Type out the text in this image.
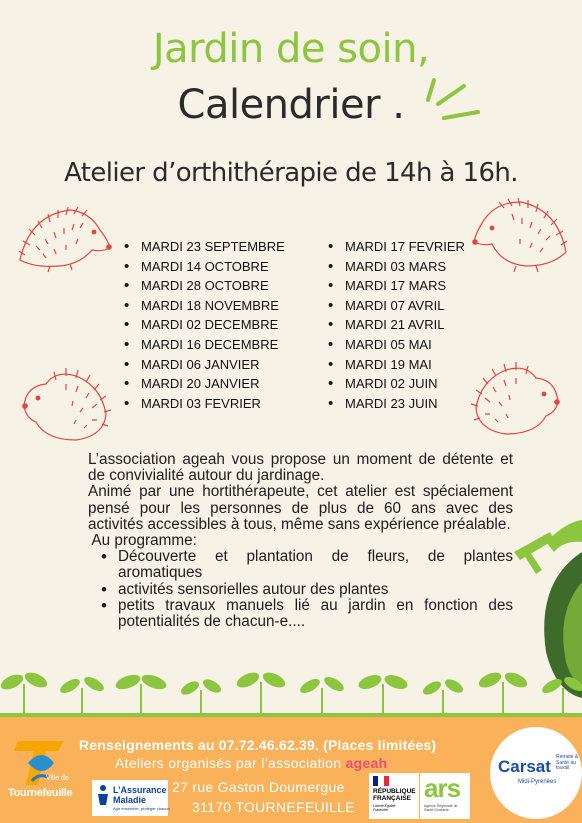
Jardin de soin,
Calendrier .
Atelier d’orthithérapie de 14h à 16h.
• MARDI 23 SEPTEMBRE
• MARDI 14 OCTOBRE
• MARDI 28 OCTOBRE
• MARDI 18 NOVEMBRE
• MARDI 02 DECEMBRE
• MARDI 16 DECEMBRE
• MARDI 06 JANVIER
• MARDI 20 JANVIER
• MARDI 03 FEVRIER
• MARDI 17 FEVRIER
• MARDI 03 MARS
• MARDI 17 MARS
• MARDI 07 AVRIL
• MARDI 21 AVRIL
• MARDI 05 MAI
• MARDI 19 MAI
• MARDI 02 JUIN
• MARDI 23 JUIN

L’association ageah vous propose un moment de détente et de convivialité autour du jardinage.

Animé par une hortithérapeute, cet atelier est spécialement pensé pour les personnes de plus de 60 ans avec des activités accessibles à tous, même sans expérience préalable.

Au programme:

• Découverte et plantation de fleurs, de plantes aromatiques
• activités sensorielles autour des plantes
• petits travaux manuels lié au jardin en fonction des potentialités de chacun-e....
Renseignements au 07.72.46.62.39. (Places limitées)
Ateliers organisés par l’association ageah
27 rue Gaston Doumergue
31170 TOURNEFEUILLE
Ville de
Tournefeuille	L’Assurance
Maladie
Agir ensemble, protéger chacun
RÉPUBLIQUE
FRANÇAISE
Liberté Égalité Fraternité
ars
Agence Régionale de Santé Occitanie
Carsat
Midi-Pyrénées
Retraite & Santé au travail
